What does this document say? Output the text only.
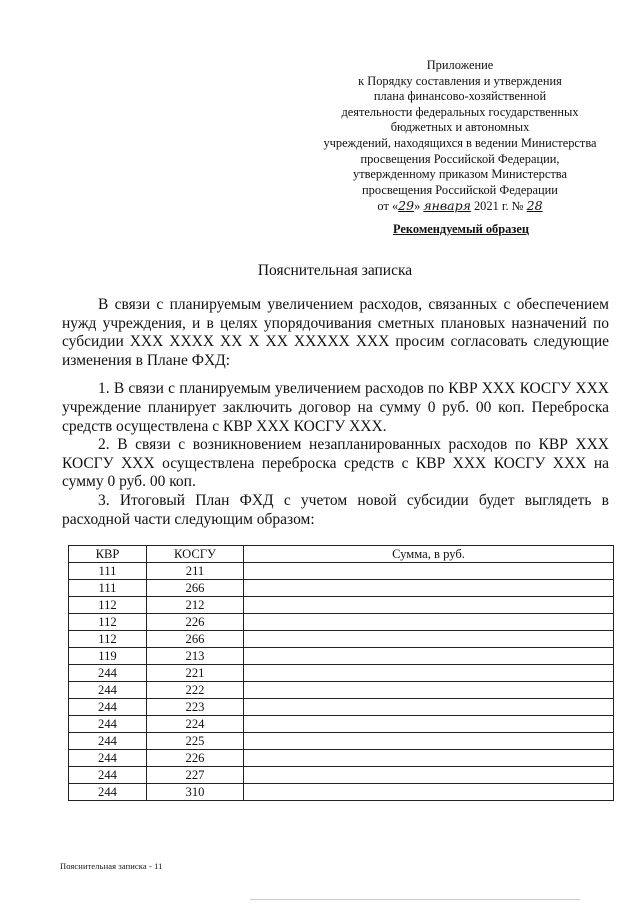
Приложение
к Порядку составления и утверждения
плана финансово-хозяйственной
деятельности федеральных государственных
бюджетных и автономных
учреждений, находящихся в ведении Министерства
просвещения Российской Федерации,
утвержденному приказом Министерства
просвещения Российской Федерации
от «29» января 2021 г. № 28
Рекомендуемый образец
Пояснительная записка

В связи с планируемым увеличением расходов, связанных с обеспечением нужд учреждения, и в целях упорядочивания сметных плановых назначений по субсидии XXX XXXX XX X XX XXXXX XXX просим согласовать следующие изменения в Плане ФХД:

1. В связи с планируемым увеличением расходов по КВР XXX КОСГУ XXX учреждение планирует заключить договор на сумму 0 руб. 00 коп. Переброска средств осуществлена с КВР XXX КОСГУ XXX.

2. В связи с возникновением незапланированных расходов по КВР XXX КОСГУ XXX осуществлена переброска средств с КВР XXX КОСГУ XXX на сумму 0 руб. 00 коп.

3. Итоговый План ФХД с учетом новой субсидии будет выглядеть в расходной части следующим образом:

КВР	КОСГУ	Сумма, в руб.
111	211	
111	266	
112	212	
112	226	
112	266	
119	213	
244	221	
244	222	
244	223	
244	224	
244	225	
244	226	
244	227	
244	310	
Пояснительная записка - 11
